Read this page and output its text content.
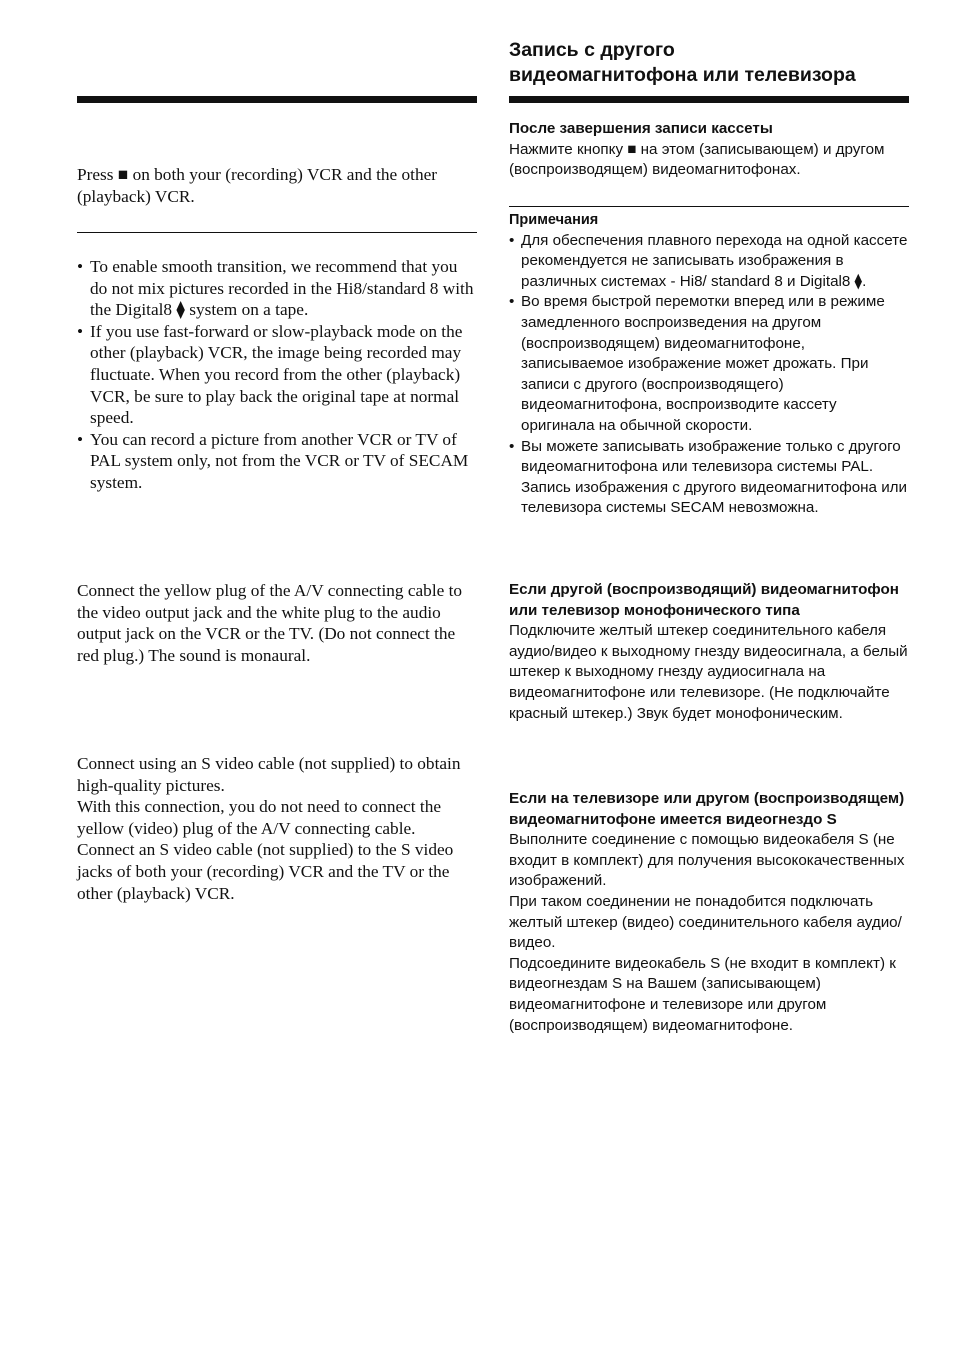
Press ■ on both your (recording) VCR and the other (playback) VCR.

• To enable smooth transition, we recommend that you do not mix pictures recorded in the Hi8/standard 8 with the Digital8 ⧫ system on a tape.
• If you use fast-forward or slow-playback mode on the other (playback) VCR, the image being recorded may fluctuate. When you record from the other (playback) VCR, be sure to play back the original tape at normal speed.
• You can record a picture from another VCR or TV of PAL system only, not from the VCR or TV of SECAM system.

Connect the yellow plug of the A/V connecting cable to the video output jack and the white plug to the audio output jack on the VCR or the TV. (Do not connect the red plug.) The sound is monaural.

Connect using an S video cable (not supplied) to obtain high-quality pictures.

With this connection, you do not need to connect the yellow (video) plug of the A/V connecting cable.

Connect an S video cable (not supplied) to the S video jacks of both your (recording) VCR and the TV or the other (playback) VCR.

Запись с другого
видеомагнитофона или телевизора

После завершения записи кассеты

Нажмите кнопку ■ на этом (записывающем) и другом (воспроизводящем) видеомагнитофонах.

Примечания
• Для обеспечения плавного перехода на одной кассете рекомендуется не записывать изображения в различных системах - Hi8/ standard 8 и Digital8 ⧫.
• Во время быстрой перемотки вперед или в режиме замедленного воспроизведения на другом (воспроизводящем) видеомагнитофоне, записываемое изображение может дрожать. При записи с другого (воспроизводящего) видеомагнитофона, воспроизводите кассету оригинала на обычной скорости.
• Вы можете записывать изображение только с другого видеомагнитофона или телевизора системы PAL. Запись изображения с другого видеомагнитофона или телевизора системы SECAM невозможна.

Если другой (воспроизводящий) видеомагнитофон или телевизор монофонического типа

Подключите желтый штекер соединительного кабеля аудио/видео к выходному гнезду видеосигнала, а белый штекер к выходному гнезду аудиосигнала на видеомагнитофоне или телевизоре. (Не подключайте красный штекер.) Звук будет монофоническим.

Если на телевизоре или другом (воспроизводящем) видеомагнитофоне имеется видеогнездо S

Выполните соединение с помощью видеокабеля S (не входит в комплект) для получения высококачественных изображений.

При таком соединении не понадобится подключать желтый штекер (видео) соединительного кабеля аудио/видео.

Подсоедините видеокабель S (не входит в комплект) к видеогнездам S на Вашем (записывающем) видеомагнитофоне и телевизоре или другом (воспроизводящем) видеомагнитофоне.
